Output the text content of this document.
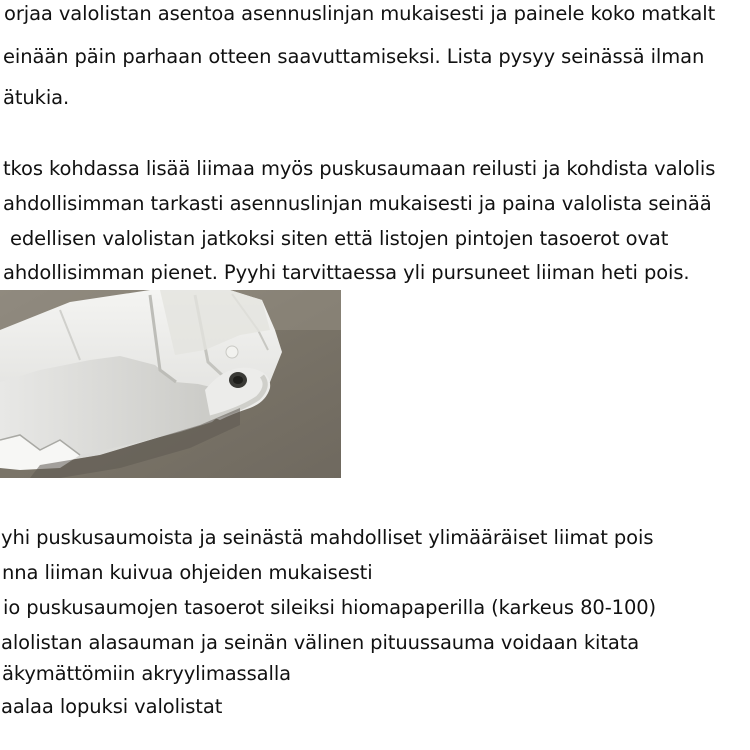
orjaa valolistan asentoa asennuslinjan mukaisesti ja painele koko matkalt
einään päin parhaan otteen saavuttamiseksi. Lista pysyy seinässä ilman
ätukia.
tkos kohdassa lisää liimaa myös puskusaumaan reilusti ja kohdista valolis
ahdollisimman tarkasti asennuslinjan mukaisesti ja paina valolista seinää
edellisen valolistan jatkoksi siten että listojen pintojen tasoerot ovat
ahdollisimman pienet. Pyyhi tarvittaessa yli pursuneet liiman heti pois.
yhi puskusaumoista ja seinästä mahdolliset ylimääräiset liimat pois
nna liiman kuivua ohjeiden mukaisesti
io puskusaumojen tasoerot sileiksi hiomapaperilla (karkeus 80-100)
alolistan alasauman ja seinän välinen pituussauma voidaan kitata
äkymättömiin akryylimassalla
aalaa lopuksi valolistat
